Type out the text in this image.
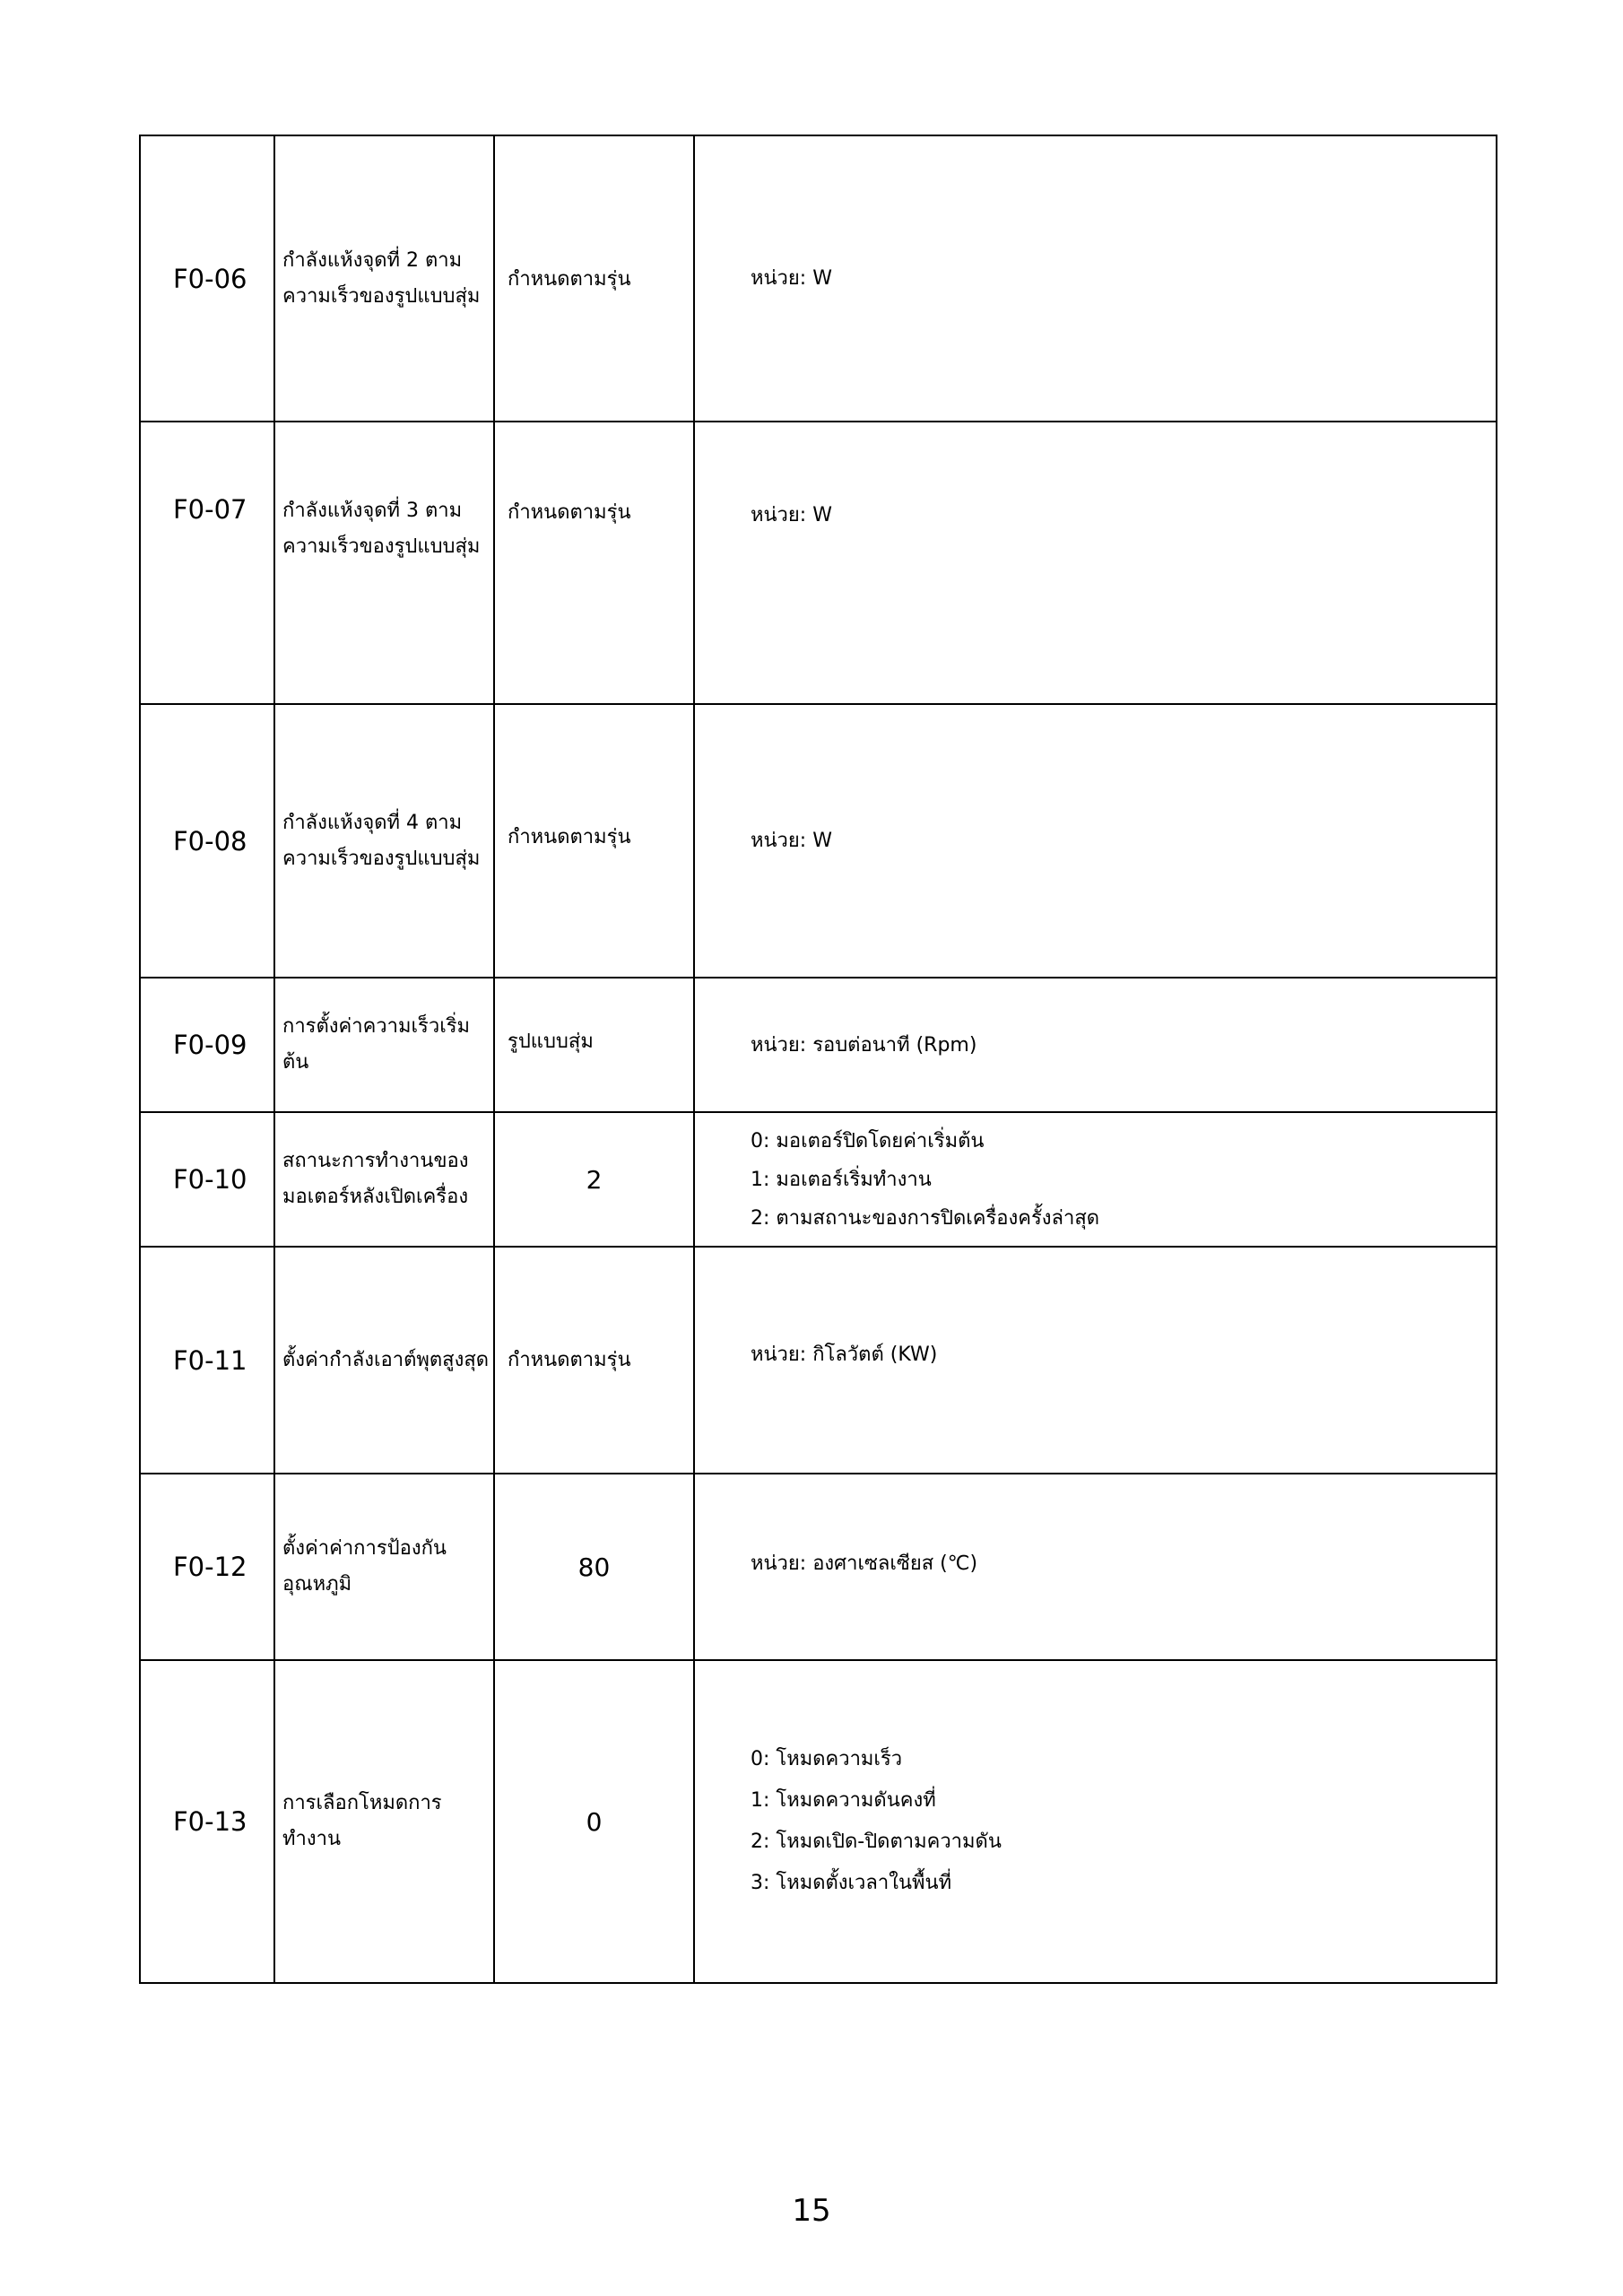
F0-06	กำลังแห้งจุดที่ 2 ตามความเร็วของรูปแบบสุ่ม	กำหนดตามรุ่น	หน่วย: W

F0-07	กำลังแห้งจุดที่ 3 ตามความเร็วของรูปแบบสุ่ม	กำหนดตามรุ่น	หน่วย: W

F0-08	กำลังแห้งจุดที่ 4 ตามความเร็วของรูปแบบสุ่ม	กำหนดตามรุ่น	หน่วย: W

F0-09	การตั้งค่าความเร็วเริ่มต้น	รูปแบบสุ่ม	หน่วย: รอบต่อนาที (Rpm)

F0-10	สถานะการทำงานของมอเตอร์หลังเปิดเครื่อง	2	0: มอเตอร์ปิดโดยค่าเริ่มต้น
1: มอเตอร์เริ่มทำงาน
2: ตามสถานะของการปิดเครื่องครั้งล่าสุด

F0-11	ตั้งค่ากำลังเอาต์พุตสูงสุด	กำหนดตามรุ่น	หน่วย: กิโลวัตต์ (KW)

F0-12	ตั้งค่าค่าการป้องกันอุณหภูมิ	80	หน่วย: องศาเซลเซียส (℃)

F0-13	การเลือกโหมดการทำงาน	0	0: โหมดความเร็ว
1: โหมดความดันคงที่
2: โหมดเปิด-ปิดตามความดัน
3: โหมดตั้งเวลาในพื้นที่
15
